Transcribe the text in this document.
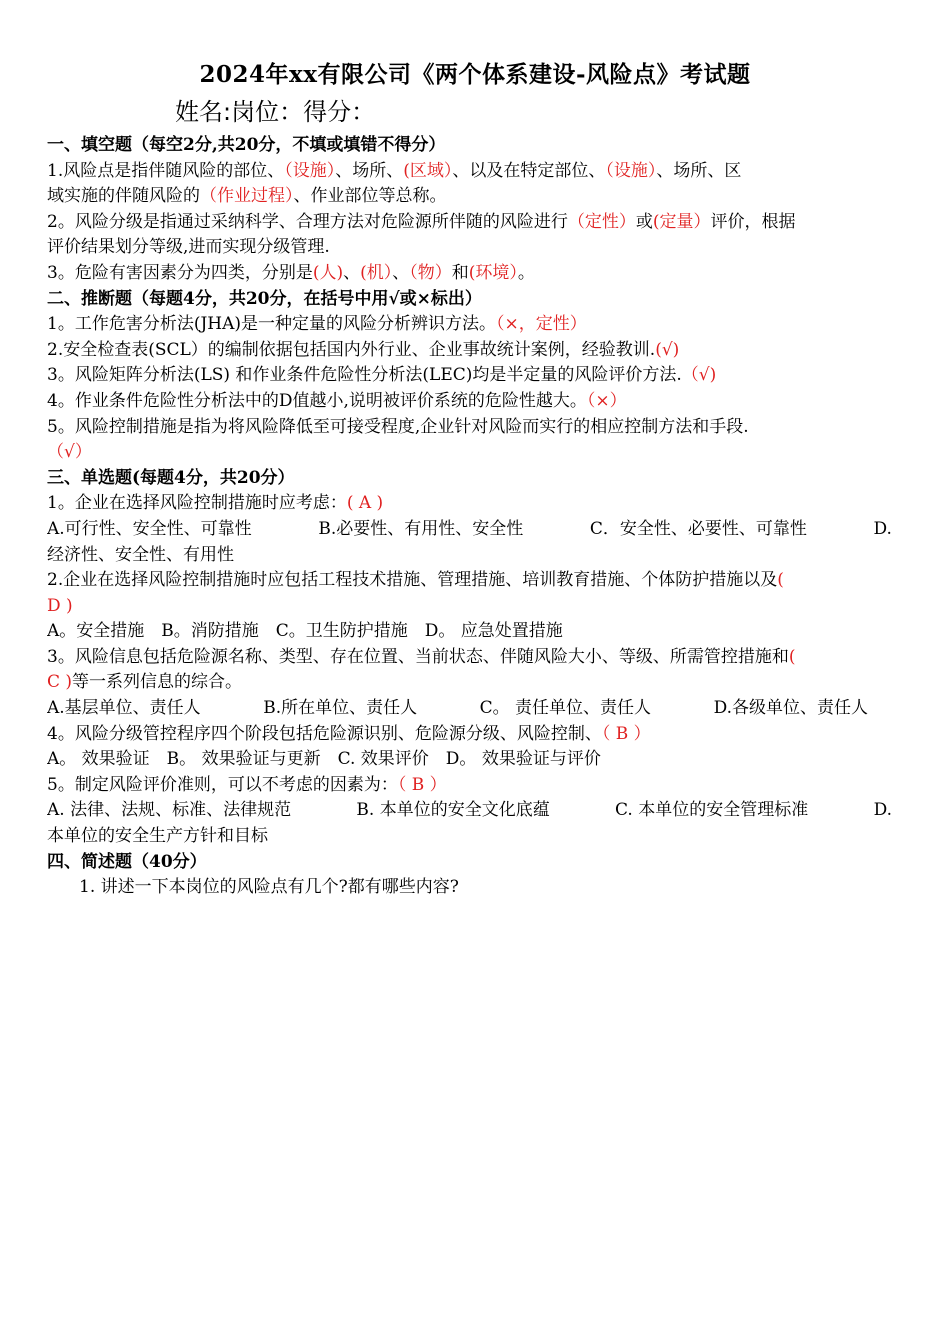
2024年xx有限公司《两个体系建设-风险点》考试题
姓名:岗位：得分：
一、填空题（每空2分,共20分，不填或填错不得分）
1.风险点是指伴随风险的部位、（设施）、场所、(区域）、以及在特定部位、（设施）、场所、区
域实施的伴随风险的（作业过程）、作业部位等总称。
2。风险分级是指通过采纳科学、合理方法对危险源所伴随的风险进行（定性）或(定量）评价，根据
评价结果划分等级,进而实现分级管理.
3。危险有害因素分为四类，分别是(人)、(机）、（物）和(环境）。
二、推断题（每题4分，共20分，在括号中用√或×标出）
1。工作危害分析法(JHA)是一种定量的风险分析辨识方法。（×，定性）
2.安全检查表(SCL）的编制依据包括国内外行业、企业事故统计案例，经验教训.(√)
3。风险矩阵分析法(LS) 和作业条件危险性分析法(LEC)均是半定量的风险评价方法.（√)
4。作业条件危险性分析法中的D值越小,说明被评价系统的危险性越大。（×）
5。风险控制措施是指为将风险降低至可接受程度,企业针对风险而实行的相应控制方法和手段.
（√）
三、单选题(每题4分，共20分）
1。企业在选择风险控制措施时应考虑：( A )
A.可行性、安全性、可靠性	B.必要性、有用性、安全性	C．安全性、必要性、可靠性	D.
经济性、安全性、有用性
2.企业在选择风险控制措施时应包括工程技术措施、管理措施、培训教育措施、个体防护措施以及(
D )
A。安全措施　B。消防措施　C。卫生防护措施　D。 应急处置措施
3。风险信息包括危险源名称、类型、存在位置、当前状态、伴随风险大小、等级、所需管控措施和(
C )等一系列信息的综合。
A.基层单位、责任人	B.所在单位、责任人	C。 责任单位、责任人	D.各级单位、责任人
4。风险分级管控程序四个阶段包括危险源识别、危险源分级、风险控制、（ B ）
A。 效果验证　B。 效果验证与更新　C. 效果评价　D。 效果验证与评价
5。制定风险评价准则，可以不考虑的因素为：（ B ）
A. 法律、法规、标准、法律规范	B. 本单位的安全文化底蕴	C. 本单位的安全管理标准	D.
本单位的安全生产方针和目标
四、简述题（40分）
1. 讲述一下本岗位的风险点有几个?都有哪些内容?
